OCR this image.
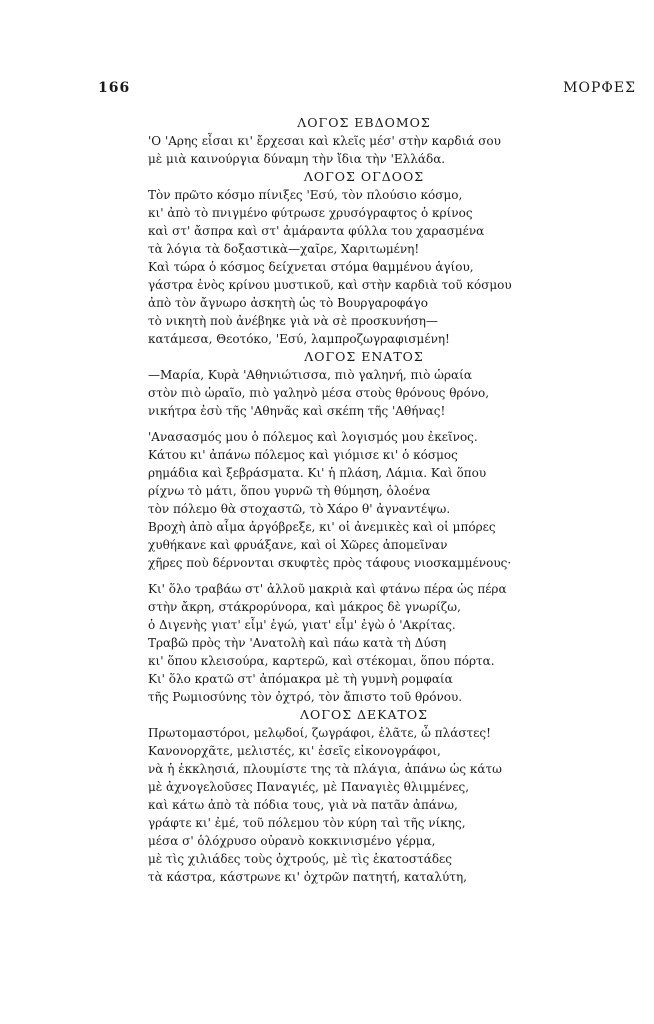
166	ΜΟΡΦΕΣ
ΛΟΓΟΣ ΕΒΔΟΜΟΣ
'Ο 'Αρης εἶσαι κι' ἔρχεσαι καὶ κλεῖς μέσ' στὴν καρδιά σου
μὲ μιὰ καινούργια δύναμη τὴν ἴδια τὴν 'Ελλάδα.
ΛΟΓΟΣ ΟΓΔΟΟΣ
Τὸν πρῶτο κόσμο πίνιξες 'Εσύ, τὸν πλούσιο κόσμο,
κι' ἀπὸ τὸ πνιγμένο φύτρωσε χρυσόγραφτος ὁ κρίνος
καὶ στ' ἄσπρα καὶ στ' ἀμάραντα φύλλα του χαρασμένα
τὰ λόγια τὰ δοξαστικὰ—χαῖρε, Χαριτωμένη!
Καὶ τώρα ὁ κόσμος δείχνεται στόμα θαμμένου ἁγίου,
γάστρα ἑνὸς κρίνου μυστικοῦ, καὶ στὴν καρδιὰ τοῦ κόσμου
ἀπὸ τὸν ἄγνωρο ἀσκητὴ ὡς τὸ Βουργαροφάγο
τὸ νικητὴ ποὺ ἀνέβηκε γιὰ νὰ σὲ προσκυνήση—
κατάμεσα, Θεοτόκο, 'Εσύ, λαμπροζωγραφισμένη!
ΛΟΓΟΣ ΕΝΑΤΟΣ
—Μαρία, Κυρὰ 'Αθηνιώτισσα, πιὸ γαληνή, πιὸ ὡραία
στὸν πιὸ ὡραῖο, πιὸ γαληνὸ μέσα στοὺς θρόνους θρόνο,
νικήτρα ἐσὺ τῆς 'Αθηνᾶς καὶ σκέπη τῆς 'Αθήνας!
'Ανασασμός μου ὁ πόλεμος καὶ λογισμός μου ἐκεῖνος.
Κάτου κι' ἀπάνω πόλεμος καὶ γιόμισε κι' ὁ κόσμος
ρημάδια καὶ ξεβράσματα. Κι' ἡ πλάση, Λάμια. Καὶ ὅπου
ρίχνω τὸ μάτι, ὅπου γυρνῶ τὴ θύμηση, ὁλοένα
τὸν πόλεμο θὰ στοχαστῶ, τὸ Χάρο θ' ἀγναντέψω.
Βροχὴ ἀπὸ αἷμα ἀργόβρεξε, κι' οἱ ἀνεμικὲς καὶ οἱ μπόρες
χυθήκανε καὶ φρυάξανε, καὶ οἱ Χῶρες ἀπομεῖναν
χῆρες ποὺ δέρνονται σκυφτὲς πρὸς τάφους νιοσκαμμένους·
Κι' ὅλο τραβάω στ' ἀλλοῦ μακριὰ καὶ φτάνω πέρα ὡς πέρα
στὴν ἄκρη, στάκρορύνορα, καὶ μάκρος δὲ γνωρίζω,
ὁ Διγενὴς γιατ' εἶμ' ἐγώ, γιατ' εἶμ' ἐγὼ ὁ 'Ακρίτας.
Τραβῶ πρὸς τὴν 'Ανατολὴ καὶ πάω κατὰ τὴ Δύση
κι' ὅπου κλεισούρα, καρτερῶ, καὶ στέκομαι, ὅπου πόρτα.
Κι' ὅλο κρατῶ στ' ἀπόμακρα μὲ τὴ γυμνὴ ρομφαία
τῆς Ρωμιοσύνης τὸν ὀχτρό, τὸν ἄπιστο τοῦ θρόνου.
ΛΟΓΟΣ ΔΕΚΑΤΟΣ
Πρωτομαστόροι, μελῳδοί, ζωγράφοι, ἐλᾶτε, ὦ πλάστες!
Κανονορχᾶτε, μελιστές, κι' ἐσεῖς εἰκονογράφοι,
νὰ ἡ ἐκκλησιά, πλουμίστε της τὰ πλάγια, ἀπάνω ὡς κάτω
μὲ ἀχνογελοῦσες Παναγιές, μὲ Παναγιὲς θλιμμένες,
καὶ κάτω ἀπὸ τὰ πόδια τους, γιὰ νὰ πατᾶν ἀπάνω,
γράφτε κι' ἐμέ, τοῦ πόλεμου τὸν κύρη ταὶ τῆς νίκης,
μέσα σ' ὁλόχρυσο οὐρανὸ κοκκινισμένο γέρμα,
μὲ τὶς χιλιάδες τοὺς ὀχτρούς, μὲ τὶς ἑκατοστάδες
τὰ κάστρα, κάστρωνε κι' ὀχτρῶν πατητή, καταλύτη,
